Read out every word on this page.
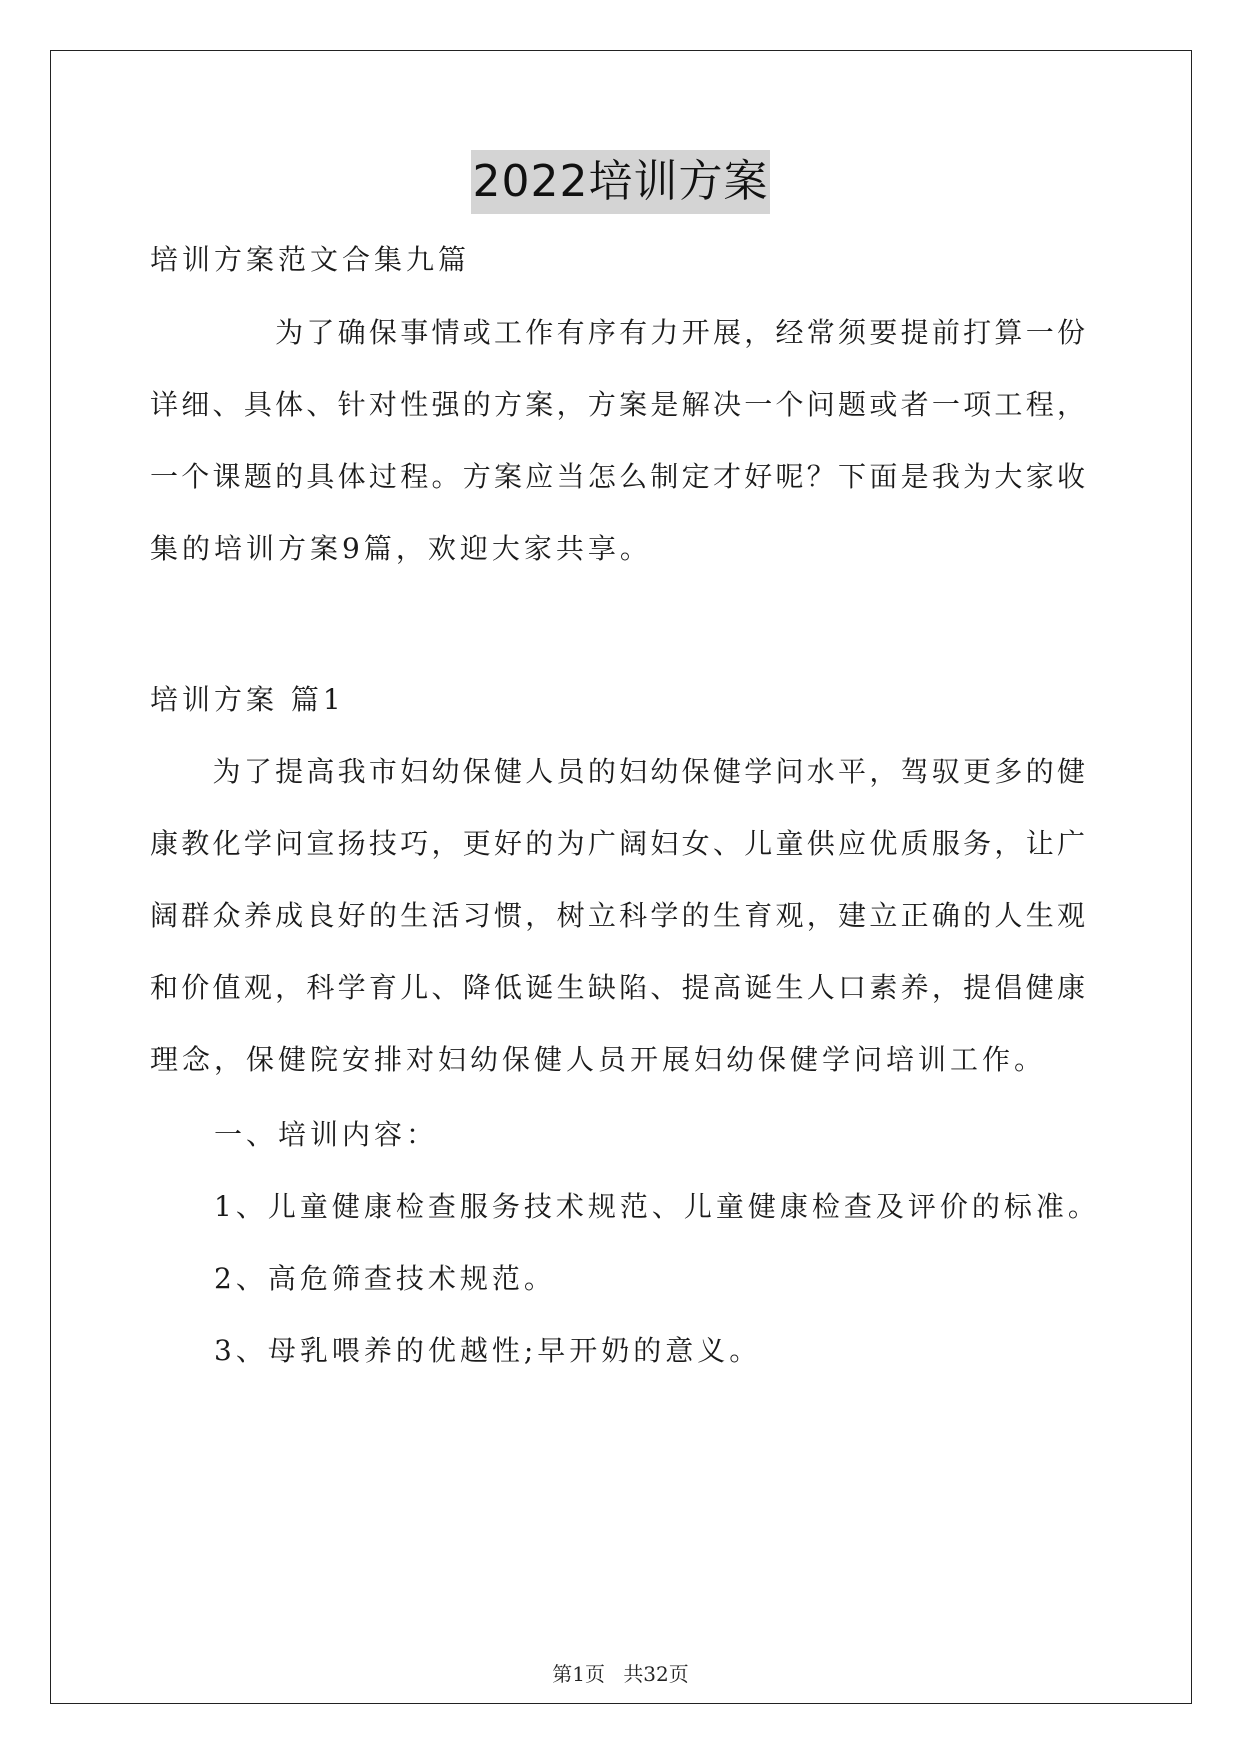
2022培训方案
培训方案范文合集九篇
　　　　为了确保事情或工作有序有力开展，经常须要提前打算一份
详细、具体、针对性强的方案，方案是解决一个问题或者一项工程，
一个课题的具体过程。方案应当怎么制定才好呢？下面是我为大家收
集的培训方案9篇，欢迎大家共享。
培训方案 篇1
　　为了提高我市妇幼保健人员的妇幼保健学问水平，驾驭更多的健
康教化学问宣扬技巧，更好的为广阔妇女、儿童供应优质服务，让广
阔群众养成良好的生活习惯，树立科学的生育观，建立正确的人生观
和价值观，科学育儿、降低诞生缺陷、提高诞生人口素养，提倡健康
理念，保健院安排对妇幼保健人员开展妇幼保健学问培训工作。
　　一、培训内容：
　　1、儿童健康检查服务技术规范、儿童健康检查及评价的标准。
　　2、高危筛查技术规范。
　　3、母乳喂养的优越性;早开奶的意义。
第1页 共32页
